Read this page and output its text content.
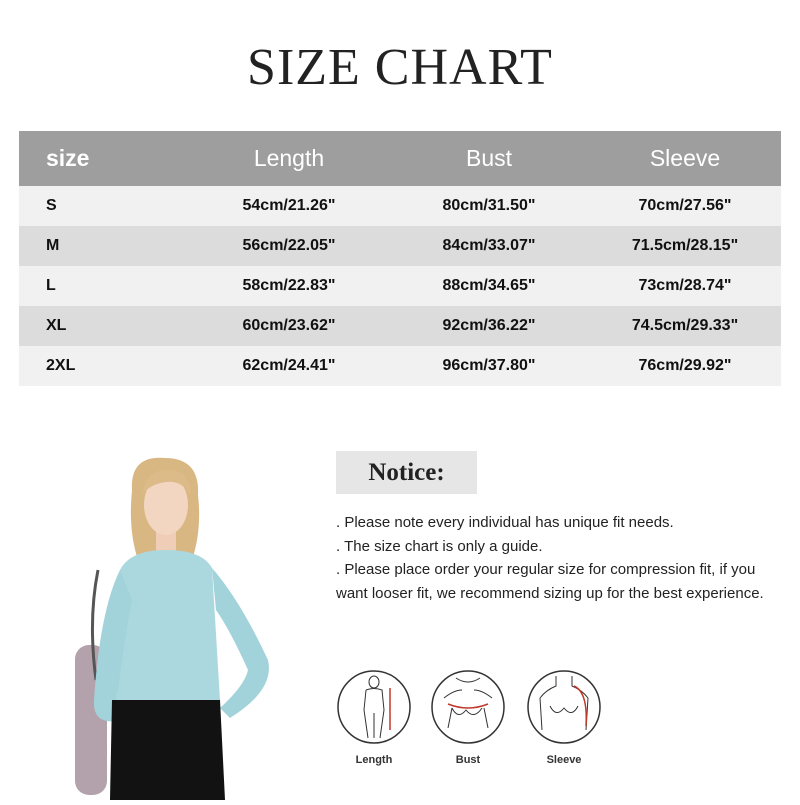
SIZE CHART
size	Length	Bust	Sleeve
S	54cm/21.26"	80cm/31.50"	70cm/27.56"
M	56cm/22.05"	84cm/33.07"	71.5cm/28.15"
L	58cm/22.83"	88cm/34.65"	73cm/28.74"
XL	60cm/23.62"	92cm/36.22"	74.5cm/29.33"
2XL	62cm/24.41"	96cm/37.80"	76cm/29.92"
Notice:

. Please note every individual has unique fit needs.

. The size chart is only a guide.

. Please place order your regular size for compression fit, if you want looser fit, we recommend sizing up for the best experience.

Length	Bust	Sleeve
